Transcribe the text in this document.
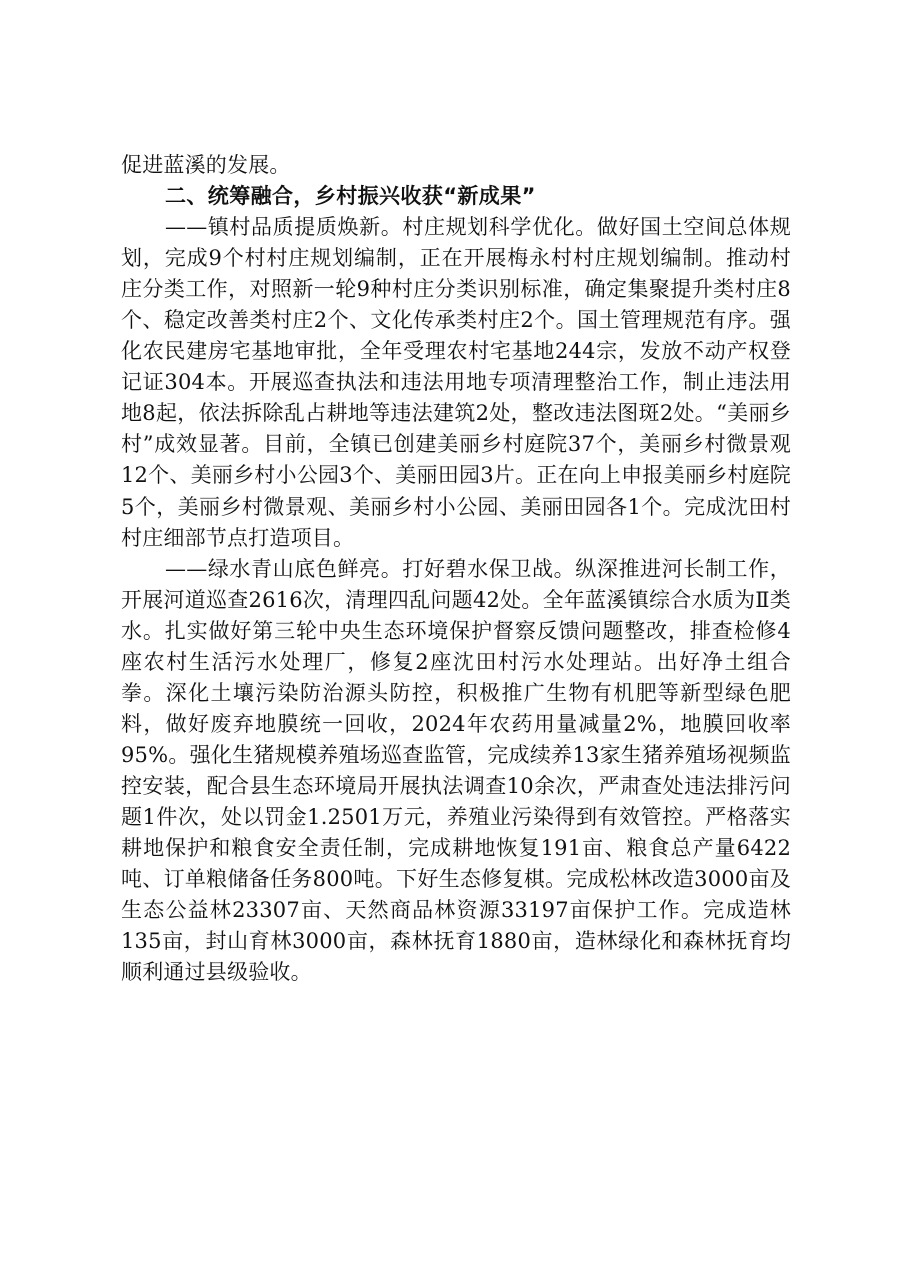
促进蓝溪的发展。

二、统筹融合，乡村振兴收获“新成果”

——镇村品质提质焕新。村庄规划科学优化。做好国土空间总体规划，完成9个村村庄规划编制，正在开展梅永村村庄规划编制。推动村庄分类工作，对照新一轮9种村庄分类识别标准，确定集聚提升类村庄8个、稳定改善类村庄2个、文化传承类村庄2个。国土管理规范有序。强化农民建房宅基地审批，全年受理农村宅基地244宗，发放不动产权登记证304本。开展巡查执法和违法用地专项清理整治工作，制止违法用地8起，依法拆除乱占耕地等违法建筑2处，整改违法图斑2处。“美丽乡村”成效显著。目前，全镇已创建美丽乡村庭院37个，美丽乡村微景观12个、美丽乡村小公园3个、美丽田园3片。正在向上申报美丽乡村庭院5个，美丽乡村微景观、美丽乡村小公园、美丽田园各1个。完成沈田村村庄细部节点打造项目。

——绿水青山底色鲜亮。打好碧水保卫战。纵深推进河长制工作，开展河道巡查2616次，清理四乱问题42处。全年蓝溪镇综合水质为Ⅱ类水。扎实做好第三轮中央生态环境保护督察反馈问题整改，排查检修4座农村生活污水处理厂，修复2座沈田村污水处理站。出好净土组合拳。深化土壤污染防治源头防控，积极推广生物有机肥等新型绿色肥料，做好废弃地膜统一回收，2024年农药用量减量2%，地膜回收率95%。强化生猪规模养殖场巡查监管，完成续养13家生猪养殖场视频监控安装，配合县生态环境局开展执法调查10余次，严肃查处违法排污问题1件次，处以罚金1.2501万元，养殖业污染得到有效管控。严格落实耕地保护和粮食安全责任制，完成耕地恢复191亩、粮食总产量6422吨、订单粮储备任务800吨。下好生态修复棋。完成松林改造3000亩及生态公益林23307亩、天然商品林资源33197亩保护工作。完成造林135亩，封山育林3000亩，森林抚育1880亩，造林绿化和森林抚育均顺利通过县级验收。
